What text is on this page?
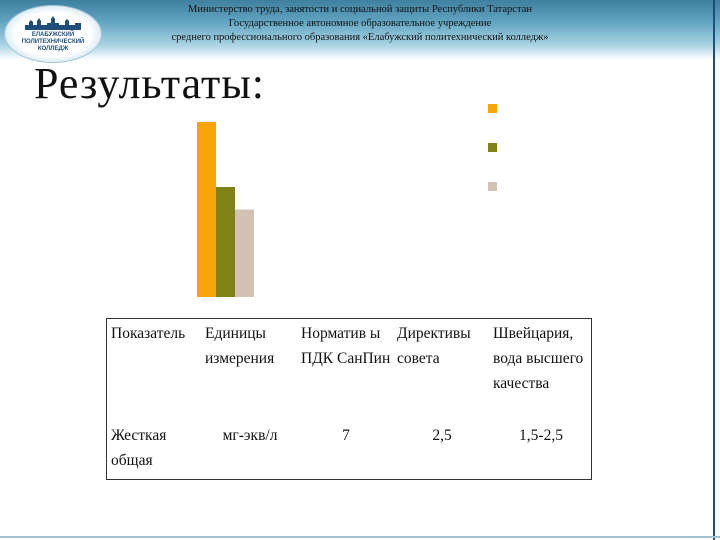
ЕЛАБУЖСКИЙ
ПОЛИТЕХНИЧЕСКИЙ
КОЛЛЕДЖ
Министерство труда, занятости и социальной защиты Республики Татарстан
Государственное автономное образовательное учреждение
среднего профессионального образования «Елабужский политехнический колледж»
Результаты:
Показатель	Единицы измерения	Норматив ы ПДК СанПин	Директивы совета	Швейцария, вода высшего качества
Жесткая общая	мг-экв/л	7	2,5	1,5-2,5
